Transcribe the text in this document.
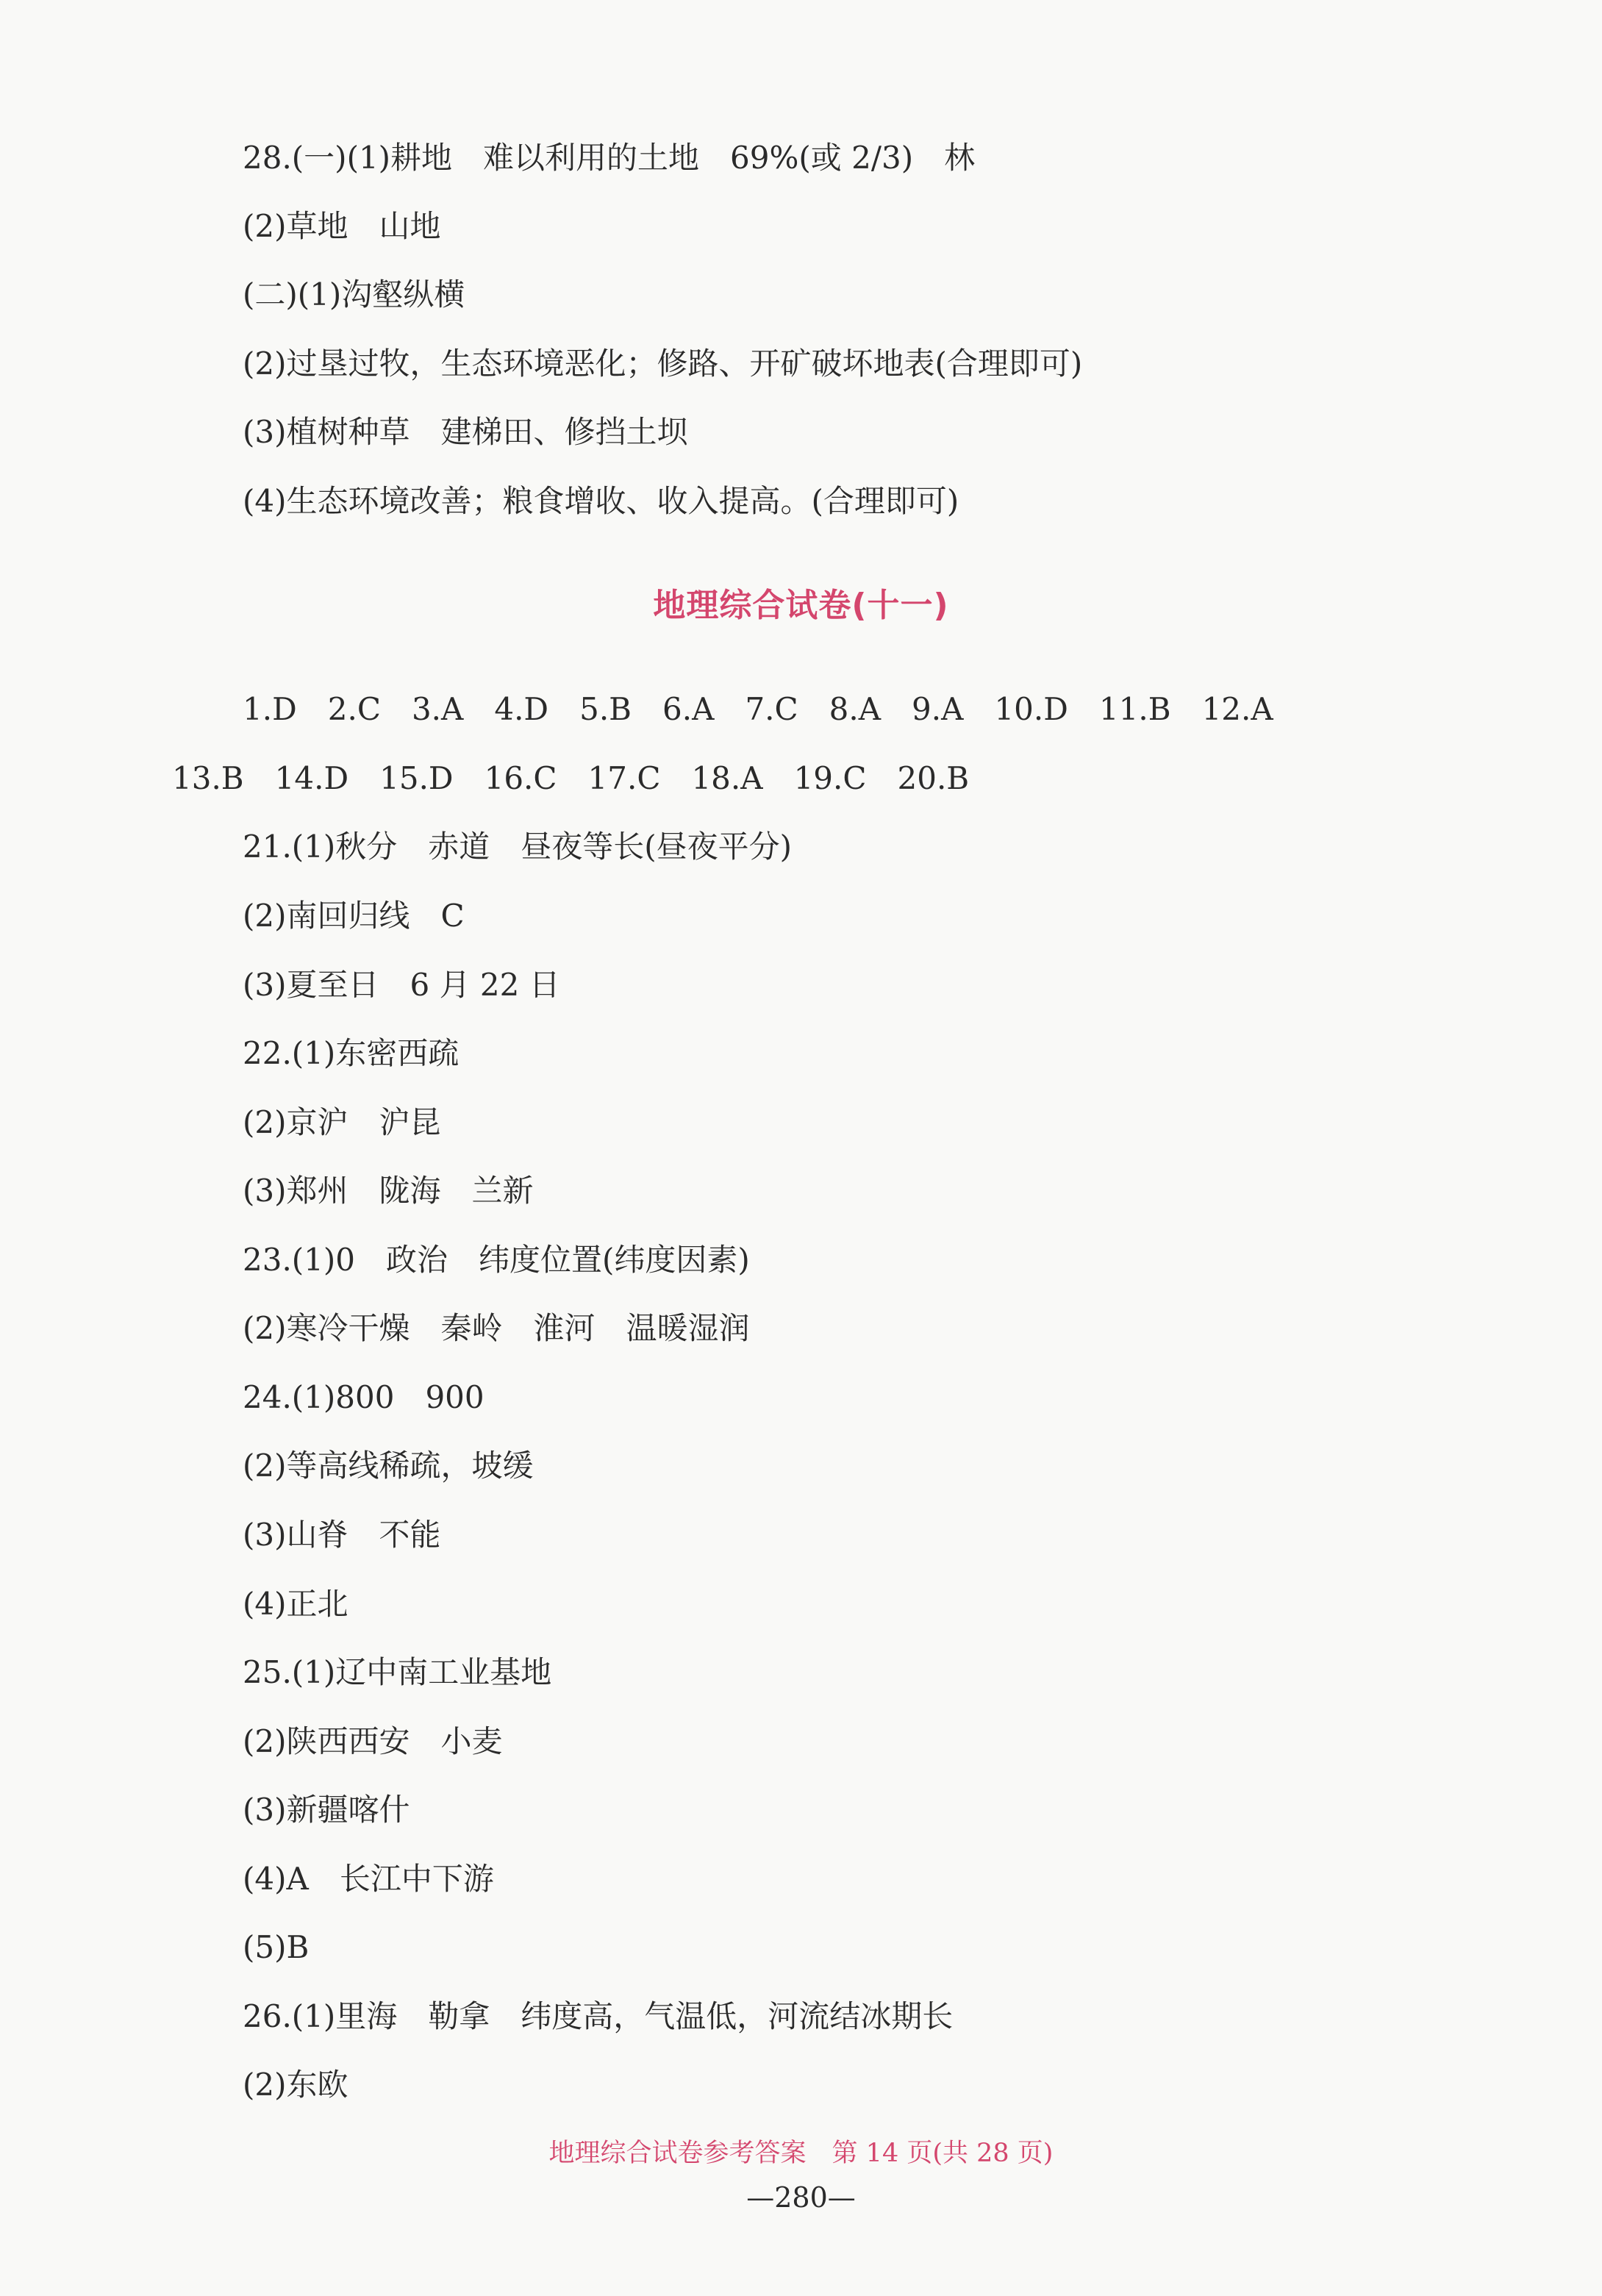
28.(一)(1)耕地　难以利用的土地　69%(或 2/3)　林
(2)草地　山地
(二)(1)沟壑纵横
(2)过垦过牧，生态环境恶化；修路、开矿破坏地表(合理即可)
(3)植树种草　建梯田、修挡土坝
(4)生态环境改善；粮食增收、收入提高。(合理即可)
地理综合试卷(十一)
1.D　2.C　3.A　4.D　5.B　6.A　7.C　8.A　9.A　10.D　11.B　12.A
13.B　14.D　15.D　16.C　17.C　18.A　19.C　20.B
21.(1)秋分　赤道　昼夜等长(昼夜平分)
(2)南回归线　C
(3)夏至日　6 月 22 日
22.(1)东密西疏
(2)京沪　沪昆
(3)郑州　陇海　兰新
23.(1)0　政治　纬度位置(纬度因素)
(2)寒冷干燥　秦岭　淮河　温暖湿润
24.(1)800　900
(2)等高线稀疏，坡缓
(3)山脊　不能
(4)正北
25.(1)辽中南工业基地
(2)陕西西安　小麦
(3)新疆喀什
(4)A　长江中下游
(5)B
26.(1)里海　勒拿　纬度高，气温低，河流结冰期长
(2)东欧
地理综合试卷参考答案　第 14 页(共 28 页)
—280—
